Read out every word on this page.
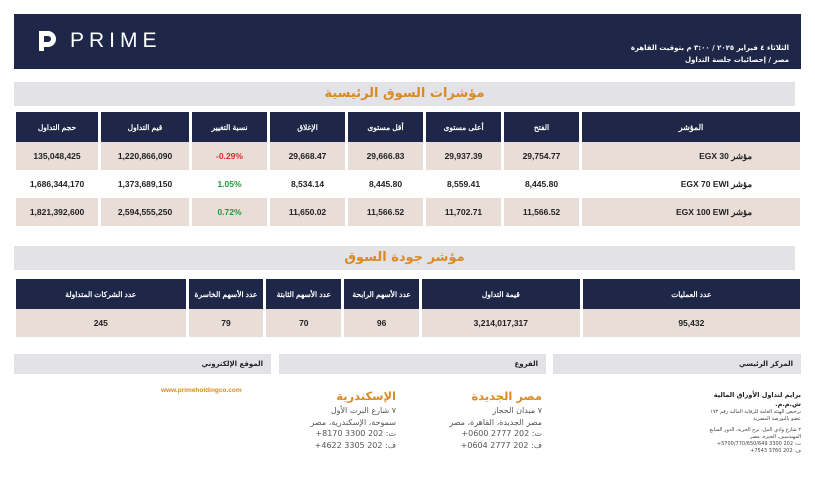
PRIME	الثلاثاء ٤ فبراير ٢٠٢٥ / ٣:٠٠ م بتوقيت القاهرة
مصر / إحصائيات جلسة التداول
مؤشرات السوق الرئيسية
المؤشر	الفتح	أعلى مستوى	أقل مستوى	الإغلاق	نسبة التغيير	قيم التداول	حجم التداول
مؤشر EGX 30	29,754.77	29,937.39	29,666.83	29,668.47	-0.29%	1,220,866,090	135,048,425
مؤشر EGX 70 EWI	8,445.80	8,559.41	8,445.80	8,534.14	1.05%	1,373,689,150	1,686,344,170
مؤشر EGX 100 EWI	11,566.52	11,702.71	11,566.52	11,650.02	0.72%	2,594,555,250	1,821,392,600
مؤشر جودة السوق
عدد العمليات	قيمة التداول	عدد الأسهم الرابحة	عدد الأسهم الثابتة	عدد الأسهم الخاسرة	عدد الشركات المتداولة
95,432	3,214,017,317	96	70	79	245
المركز الرئيسي
الفروع
الموقع الإلكتروني
www.primeholdingco.com	الإسكندرية
٧ شارع البرت الأول
سموحة، الإسكندرية، مصر
ت: 202 3300 8170+
ف: 202 3305 4622+
مصر الجديدة
٧ ميدان الحجاز
مصر الجديدة، القاهرة، مصر
ت: 202 2777 0600+
ف: 202 2777 0604+
برايم لتداول الأوراق المالية ش.م.م.
ترخيص الهيئة العامة للرقابة المالية رقم ١٧٢
عضو بالبورصة المصرية
٢ شارع وادي النيل، برج الحرية، الدور السابع
المهندسين، الجيزة، مصر
ت: 202 3300 5700/770/650/649+
ف: 202 3760 7543+
